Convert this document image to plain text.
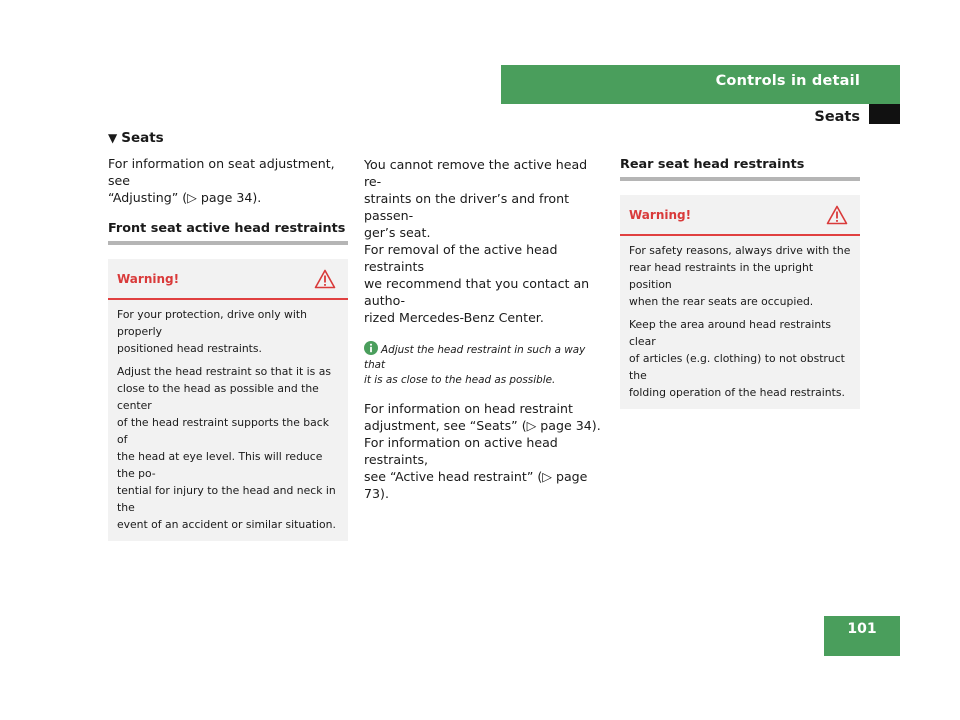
Controls in detail
Seats
▼ Seats

For information on seat adjustment, see
“Adjusting” (▷ page 34).

Front seat active head restraints
Warning!

For your protection, drive only with properly
positioned head restraints.

Adjust the head restraint so that it is as
close to the head as possible and the center
of the head restraint supports the back of
the head at eye level. This will reduce the po-
tential for injury to the head and neck in the
event of an accident or similar situation.

You cannot remove the active head re-
straints on the driver’s and front passen-
ger’s seat.
For removal of the active head restraints
we recommend that you contact an autho-
rized Mercedes-Benz Center.

Adjust the head restraint in such a way that
it is as close to the head as possible.

For information on head restraint
adjustment, see “Seats” (▷ page 34).
For information on active head restraints,
see “Active head restraint” (▷ page 73).

Rear seat head restraints
Warning!

For safety reasons, always drive with the
rear head restraints in the upright position
when the rear seats are occupied.

Keep the area around head restraints clear
of articles (e.g. clothing) to not obstruct the
folding operation of the head restraints.

101
